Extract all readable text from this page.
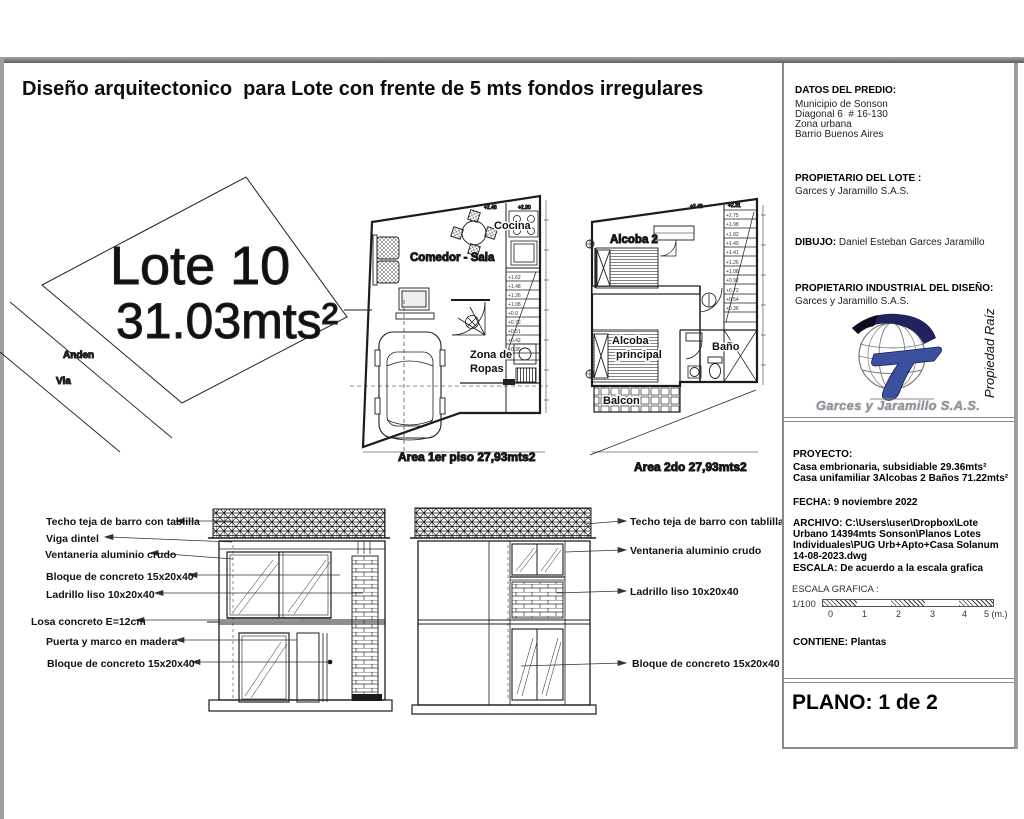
Diseño arquitectonico  para Lote con frente de 5 mts fondos irregulares
Lote 10
31.03mts²
Anden
Via
Cocina
Comedor - Sala
Zona de
Ropas
+2.48	+2.30
+1.62
+1.48
+1.26
+1.08
+0.9
+0.72
+0.51
+0.42
+0.36
Area 1er piso 27,93mts2
Alcoba 2
Alcoba
principal
Baño
Balcon
+2.48	+2.31
+2.75
+1.98
+1.82
+1.49
+1.41
+1.26
+1.08
+0.92
+0.72
+0.54
+0.36
Area 2do 27,93mts2
Techo teja de barro con tablilla
Viga dintel
Ventaneria aluminio crudo
Bloque de concreto 15x20x40
Ladrillo liso 10x20x40
Losa concreto E=12cm
Puerta y marco en madera
Bloque de concreto 15x20x40
Techo teja de barro con tablilla
Ventaneria aluminio crudo
Ladrillo liso 10x20x40
Bloque de concreto 15x20x40

DATOS DEL PREDIO:

Municipio de Sonson

Diagonal 6  # 16-130

Zona urbana

Barrio Buenos Aires

PROPIETARIO DEL LOTE :

Garces y Jaramillo S.A.S.

DIBUJO: Daniel Esteban Garces Jaramillo

PROPIETARIO INDUSTRIAL DEL DISEÑO:

Garces y Jaramillo S.A.S.

Propiedad Raíz
Garces y Jaramillo S.A.S.

PROYECTO:

Casa embrionaria, subsidiable 29.36mts²

Casa unifamiliar 3Alcobas 2 Baños 71.22mts²

FECHA: 9 noviembre 2022

ARCHIVO: C:\Users\user\Dropbox\Lote Urbano 14394mts Sonson\Planos Lotes Individuales\PUG Urb+Apto+Casa Solanum 14-08-2023.dwg

ESCALA: De acuerdo a la escala grafica

ESCALA GRAFICA :

1/100

0	1	2	3	4 5 (m.)

CONTIENE: Plantas

PLANO: 1 de 2
